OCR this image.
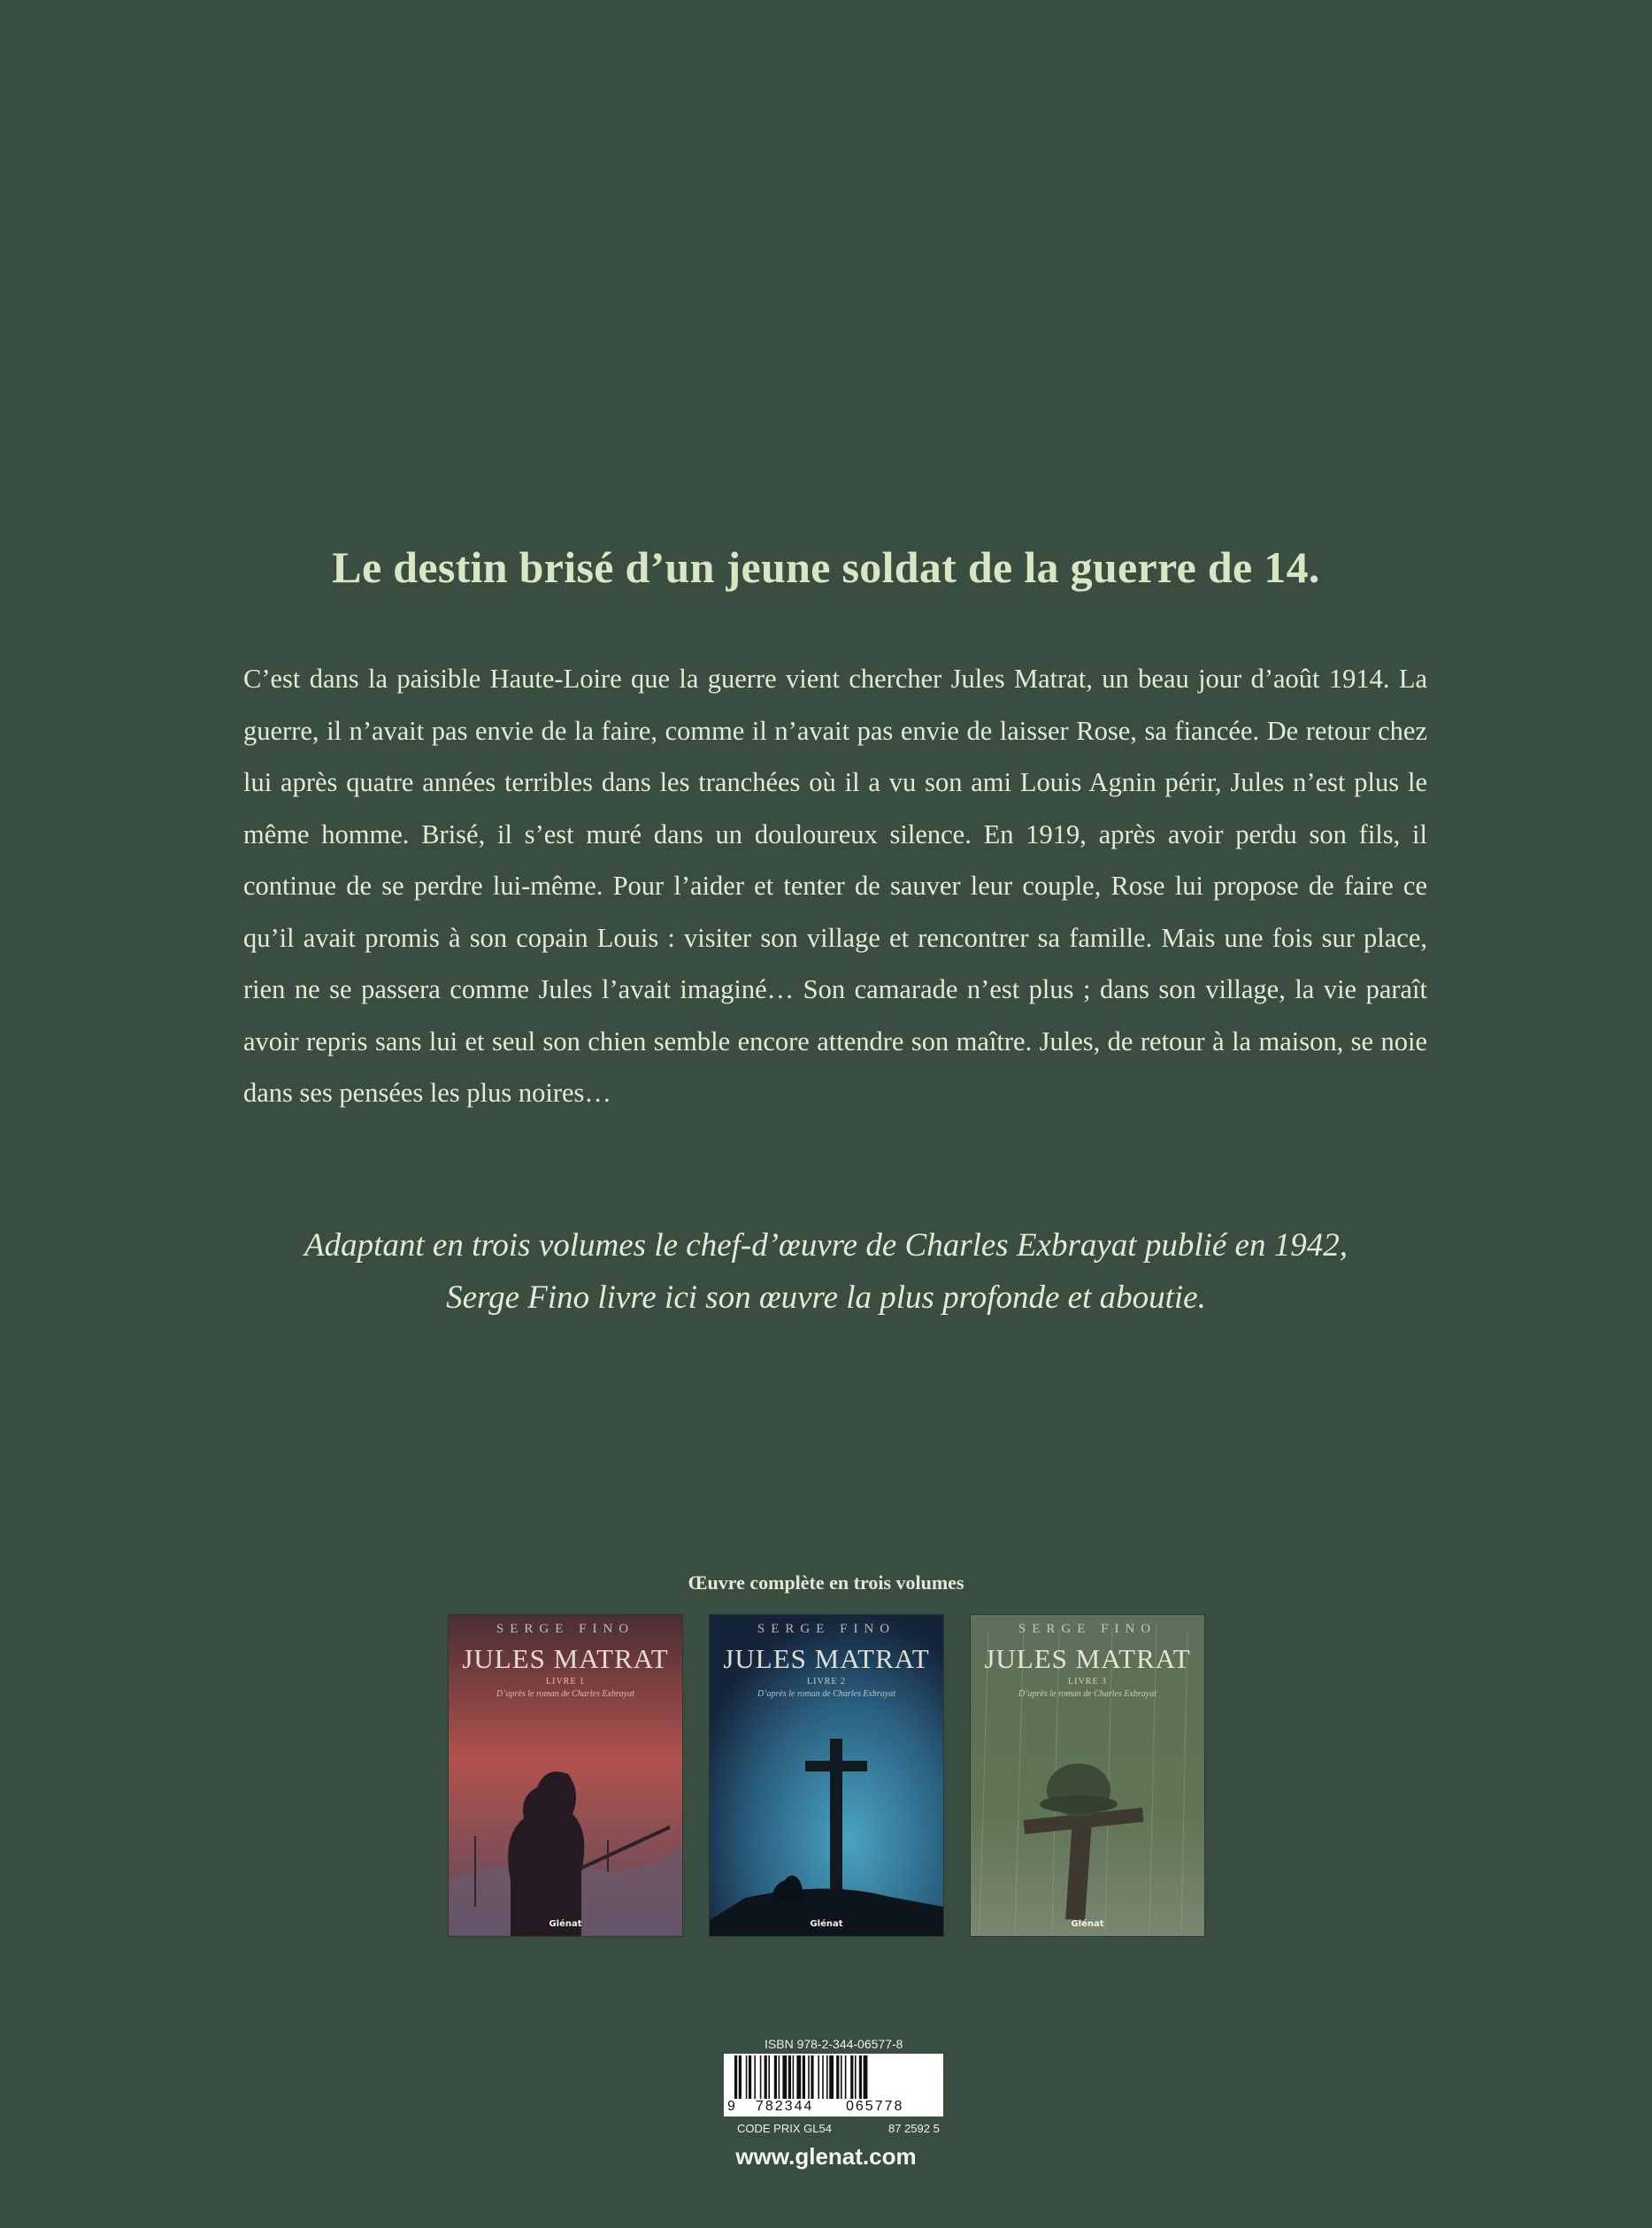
Le destin brisé d’un jeune soldat de la guerre de 14.

C’est dans la paisible Haute-Loire que la guerre vient chercher Jules Matrat, un beau jour d’août 1914. La guerre, il n’avait pas envie de la faire, comme il n’avait pas envie de laisser Rose, sa fiancée. De retour chez lui après quatre années terribles dans les tranchées où il a vu son ami Louis Agnin périr, Jules n’est plus le même homme. Brisé, il s’est muré dans un douloureux silence. En 1919, après avoir perdu son fils, il continue de se perdre lui-même. Pour l’aider et tenter de sauver leur couple, Rose lui propose de faire ce qu’il avait promis à son copain Louis : visiter son village et rencontrer sa famille. Mais une fois sur place, rien ne se passera comme Jules l’avait imaginé… Son camarade n’est plus ; dans son village, la vie paraît avoir repris sans lui et seul son chien semble encore attendre son maître. Jules, de retour à la maison, se noie dans ses pensées les plus noires…

Adaptant en trois volumes le chef-d’œuvre de Charles Exbrayat publié en 1942,
Serge Fino livre ici son œuvre la plus profonde et aboutie.
Œuvre complète en trois volumes
SERGE FINO
JULES MATRAT
LIVRE 1
D’après le roman de Charles Exbrayat
Glénat
SERGE FINO
JULES MATRAT
LIVRE 2
D’après le roman de Charles Exbrayat
Glénat
SERGE FINO
JULES MATRAT
LIVRE 3
D’après le roman de Charles Exbrayat
Glénat
ISBN 978-2-344-06577-8
9 782344 065778
CODE PRIX GL54	87 2592 5
www.glenat.com
